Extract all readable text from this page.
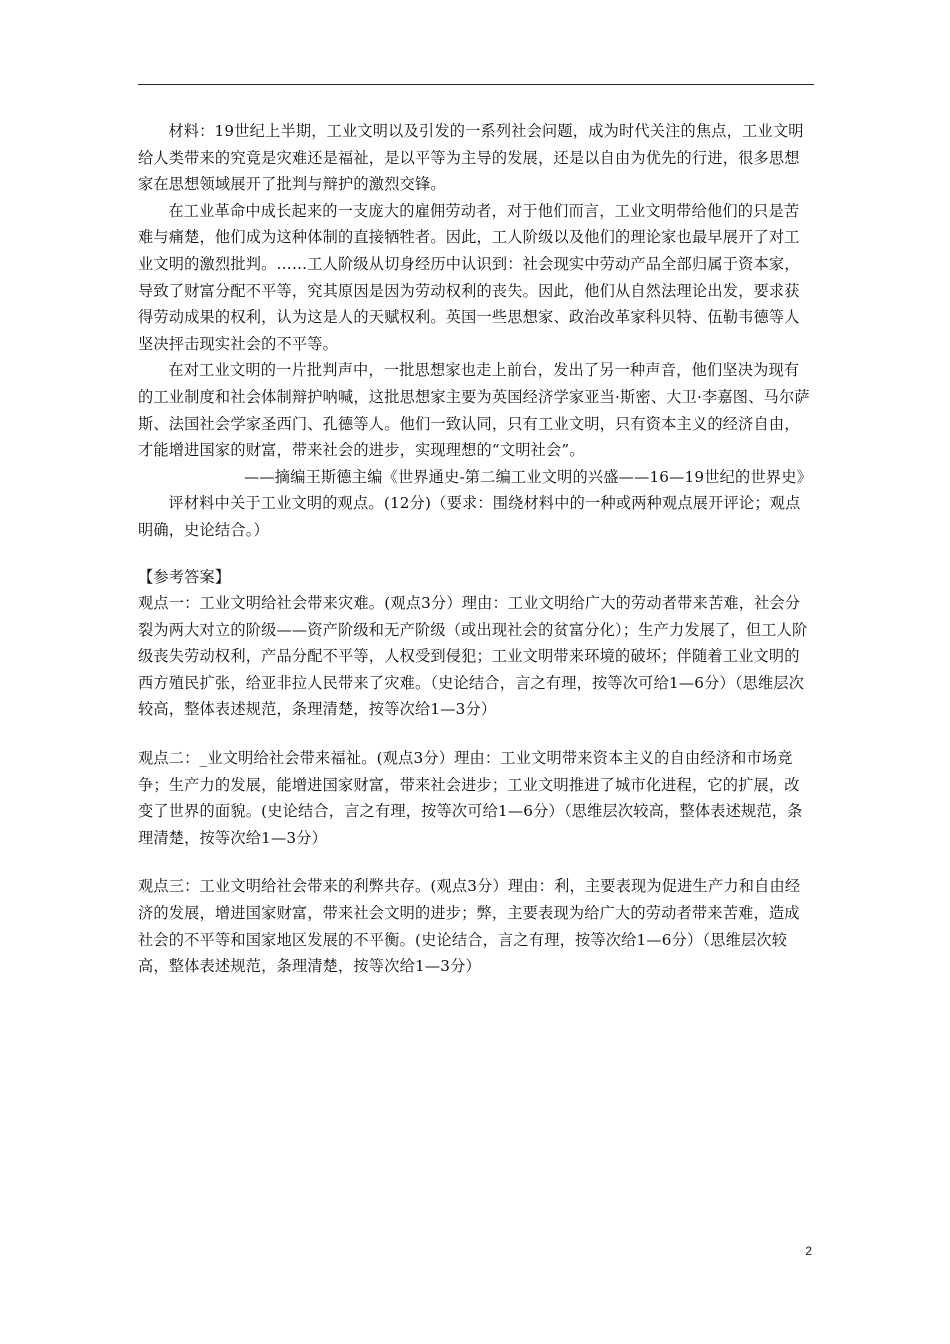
材料：19世纪上半期，工业文明以及引发的一系列社会问题，成为时代关注的焦点，工业文明给人类带来的究竟是灾难还是福祉，是以平等为主导的发展，还是以自由为优先的行进，很多思想家在思想领域展开了批判与辩护的激烈交锋。

在工业革命中成长起来的一支庞大的雇佣劳动者，对于他们而言，工业文明带给他们的只是苦难与痛楚，他们成为这种体制的直接牺牲者。因此，工人阶级以及他们的理论家也最早展开了对工业文明的激烈批判。……工人阶级从切身经历中认识到：社会现实中劳动产品全部归属于资本家，导致了财富分配不平等，究其原因是因为劳动权利的丧失。因此，他们从自然法理论出发，要求获得劳动成果的权利，认为这是人的天赋权利。英国一些思想家、政治改革家科贝特、伍勒韦德等人坚决抨击现实社会的不平等。

在对工业文明的一片批判声中，一批思想家也走上前台，发出了另一种声音，他们坚决为现有的工业制度和社会体制辩护呐喊，这批思想家主要为英国经济学家亚当·斯密、大卫·李嘉图、马尔萨斯、法国社会学家圣西门、孔德等人。他们一致认同，只有工业文明，只有资本主义的经济自由，才能增进国家的财富，带来社会的进步，实现理想的“文明社会”。

——摘编王斯德主编《世界通史-第二编工业文明的兴盛——16—19世纪的世界史》

评材料中关于工业文明的观点。(12分)（要求：围绕材料中的一种或两种观点展开评论；观点明确，史论结合。）

【参考答案】

观点一：工业文明给社会带来灾难。(观点3分）理由：工业文明给广大的劳动者带来苦难，社会分裂为两大对立的阶级——资产阶级和无产阶级（或出现社会的贫富分化）；生产力发展了，但工人阶级丧失劳动权利，产品分配不平等，人权受到侵犯；工业文明带来环境的破坏；伴随着工业文明的西方殖民扩张，给亚非拉人民带来了灾难。（史论结合，言之有理，按等次可给1—6分）（思维层次较高，整体表述规范，条理清楚，按等次给1—3分）

观点二：_业文明给社会带来福祉。(观点3分）理由：工业文明带来资本主义的自由经济和市场竞争；生产力的发展，能增进国家财富，带来社会进步；工业文明推进了城市化进程，它的扩展，改变了世界的面貌。(史论结合，言之有理，按等次可给1—6分）（思维层次较高，整体表述规范，条理清楚，按等次给1—3分）

观点三：工业文明给社会带来的利弊共存。(观点3分）理由：利，主要表现为促进生产力和自由经济的发展，增进国家财富，带来社会文明的进步；弊，主要表现为给广大的劳动者带来苦难，造成社会的不平等和国家地区发展的不平衡。(史论结合，言之有理，按等次给1—6分）（思维层次较高，整体表述规范，条理清楚，按等次给1—3分）

2
